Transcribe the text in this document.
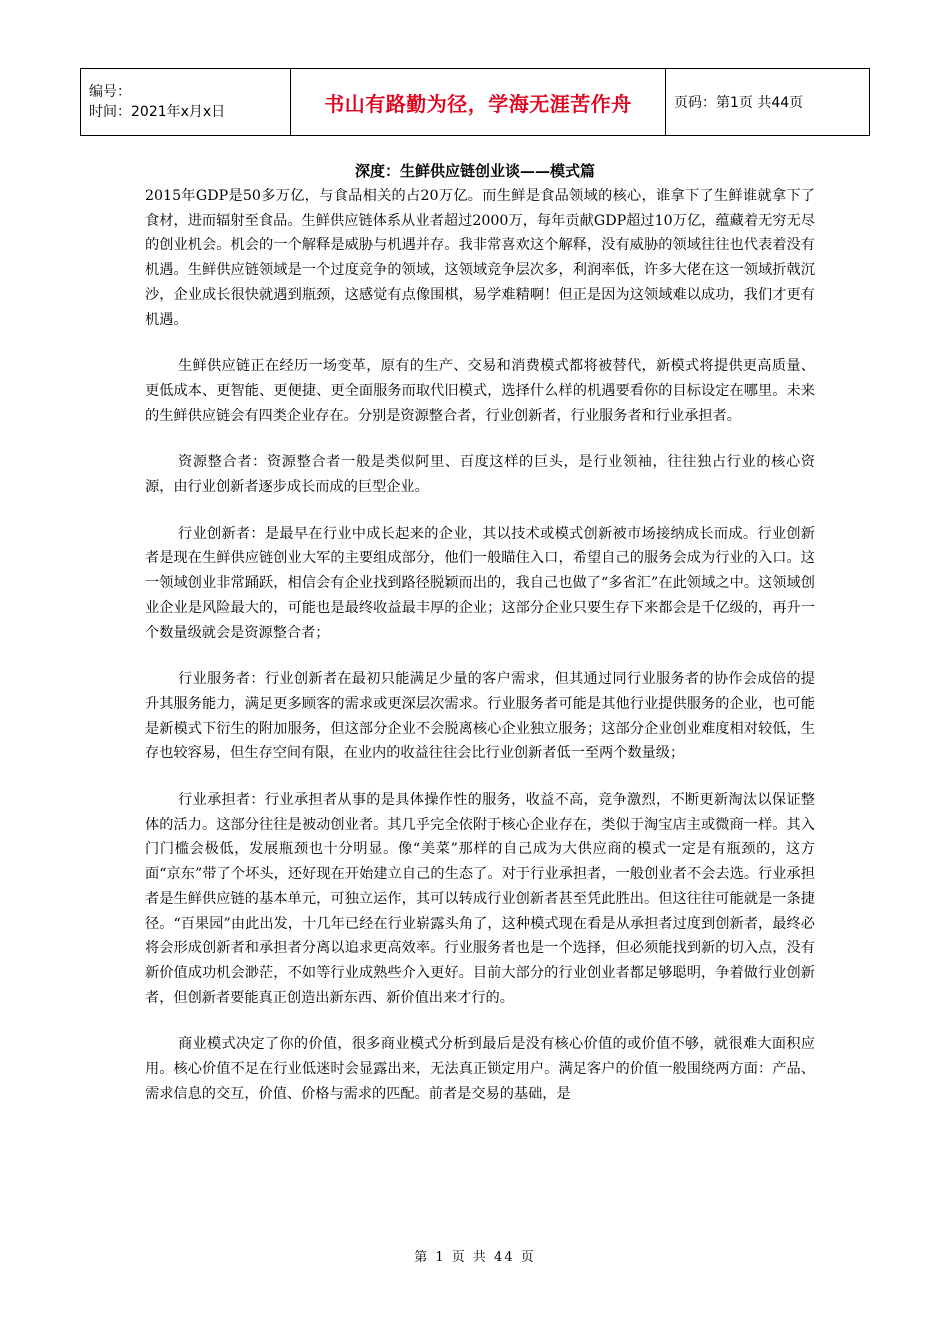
编号：
时间：2021年x月x日	书山有路勤为径，学海无涯苦作舟	页码：第1页 共44页
深度：生鲜供应链创业谈——模式篇

2015年GDP是50多万亿，与食品相关的占20万亿。而生鲜是食品领域的核心，谁拿下了生鲜谁就拿下了食材，进而辐射至食品。生鲜供应链体系从业者超过2000万，每年贡献GDP超过10万亿，蕴藏着无穷无尽的创业机会。机会的一个解释是威胁与机遇并存。我非常喜欢这个解释，没有威胁的领域往往也代表着没有机遇。生鲜供应链领域是一个过度竞争的领域，这领域竞争层次多，利润率低，许多大佬在这一领域折戟沉沙，企业成长很快就遇到瓶颈，这感觉有点像围棋，易学难精啊！但正是因为这领域难以成功，我们才更有机遇。

生鲜供应链正在经历一场变革，原有的生产、交易和消费模式都将被替代，新模式将提供更高质量、更低成本、更智能、更便捷、更全面服务而取代旧模式，选择什么样的机遇要看你的目标设定在哪里。未来的生鲜供应链会有四类企业存在。分别是资源整合者，行业创新者，行业服务者和行业承担者。

资源整合者：资源整合者一般是类似阿里、百度这样的巨头，是行业领袖，往往独占行业的核心资源，由行业创新者逐步成长而成的巨型企业。

行业创新者：是最早在行业中成长起来的企业，其以技术或模式创新被市场接纳成长而成。行业创新者是现在生鲜供应链创业大军的主要组成部分，他们一般瞄住入口，希望自己的服务会成为行业的入口。这一领域创业非常踊跃，相信会有企业找到路径脱颖而出的，我自己也做了“多省汇”在此领域之中。这领域创业企业是风险最大的，可能也是最终收益最丰厚的企业；这部分企业只要生存下来都会是千亿级的，再升一个数量级就会是资源整合者；

行业服务者：行业创新者在最初只能满足少量的客户需求，但其通过同行业服务者的协作会成倍的提升其服务能力，满足更多顾客的需求或更深层次需求。行业服务者可能是其他行业提供服务的企业，也可能是新模式下衍生的附加服务，但这部分企业不会脱离核心企业独立服务；这部分企业创业难度相对较低，生存也较容易，但生存空间有限，在业内的收益往往会比行业创新者低一至两个数量级；

行业承担者：行业承担者从事的是具体操作性的服务，收益不高，竞争激烈，不断更新淘汰以保证整体的活力。这部分往往是被动创业者。其几乎完全依附于核心企业存在，类似于淘宝店主或微商一样。其入门门槛会极低，发展瓶颈也十分明显。像“美菜”那样的自己成为大供应商的模式一定是有瓶颈的，这方面“京东”带了个坏头，还好现在开始建立自己的生态了。对于行业承担者，一般创业者不会去选。行业承担者是生鲜供应链的基本单元，可独立运作，其可以转成行业创新者甚至凭此胜出。但这往往可能就是一条捷径。“百果园”由此出发，十几年已经在行业崭露头角了，这种模式现在看是从承担者过度到创新者，最终必将会形成创新者和承担者分离以追求更高效率。行业服务者也是一个选择，但必须能找到新的切入点，没有新价值成功机会渺茫，不如等行业成熟些介入更好。目前大部分的行业创业者都足够聪明，争着做行业创新者，但创新者要能真正创造出新东西、新价值出来才行的。

商业模式决定了你的价值，很多商业模式分析到最后是没有核心价值的或价值不够，就很难大面积应用。核心价值不足在行业低迷时会显露出来，无法真正锁定用户。满足客户的价值一般围绕两方面：产品、需求信息的交互，价值、价格与需求的匹配。前者是交易的基础，是

第 1 页 共 44 页
